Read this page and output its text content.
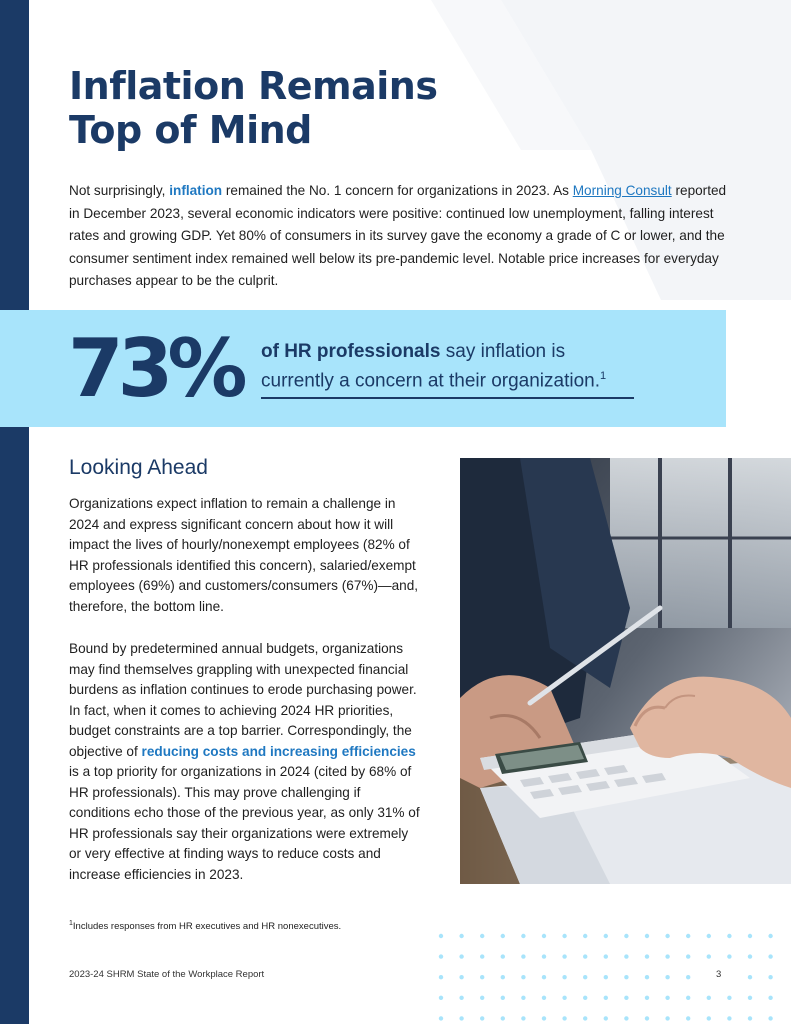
Inflation Remains
Top of Mind

Not surprisingly, inflation remained the No. 1 concern for organizations in 2023. As Morning Consult reported in December 2023, several economic indicators were positive: continued low unemployment, falling interest rates and growing GDP. Yet 80% of consumers in its survey gave the economy a grade of C or lower, and the consumer sentiment index remained well below its pre-pandemic level. Notable price increases for everyday purchases appear to be the culprit.

73% of HR professionals say inflation is currently a concern at their organization.$^1$

Looking Ahead

Organizations expect inflation to remain a challenge in 2024 and express significant concern about how it will impact the lives of hourly/nonexempt employees (82% of HR professionals identified this concern), salaried/exempt employees (69%) and customers/consumers (67%)—and, therefore, the bottom line.

Bound by predetermined annual budgets, organizations may find themselves grappling with unexpected financial burdens as inflation continues to erode purchasing power. In fact, when it comes to achieving 2024 HR priorities, budget constraints are a top barrier. Correspondingly, the objective of reducing costs and increasing efficiencies is a top priority for organizations in 2024 (cited by 68% of HR professionals). This may prove challenging if conditions echo those of the previous year, as only 31% of HR professionals say their organizations were extremely or very effective at finding ways to reduce costs and increase efficiencies in 2023.

$^1$Includes responses from HR executives and HR nonexecutives.

2023-24 SHRM State of the Workplace Report	3
